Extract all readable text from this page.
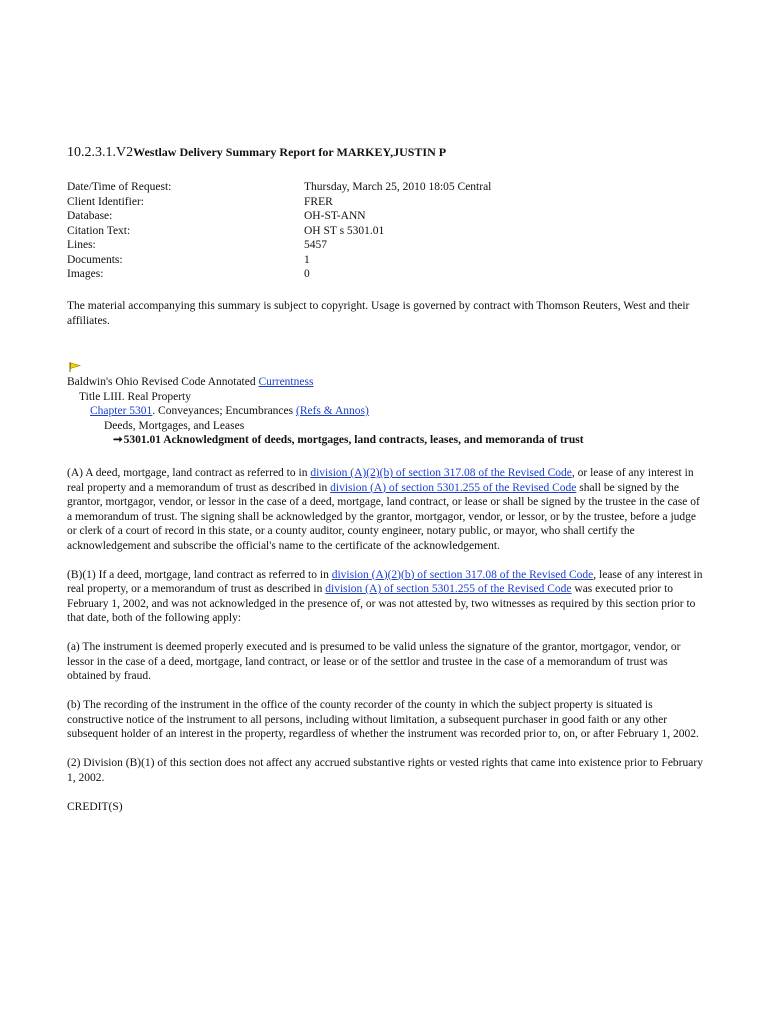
10.2.3.1.V2Westlaw Delivery Summary Report for MARKEY,JUSTIN P
Date/Time of Request:	Thursday, March 25, 2010 18:05 Central
Client Identifier:	FRER
Database:	OH-ST-ANN
Citation Text:	OH ST s 5301.01
Lines:	5457
Documents:	1
Images:	0
The material accompanying this summary is subject to copyright. Usage is governed by contract with Thomson Reuters, West and their affiliates.
Baldwin's Ohio Revised Code Annotated Currentness
Title LIII. Real Property
Chapter 5301. Conveyances; Encumbrances (Refs & Annos)
Deeds, Mortgages, and Leases
➞5301.01 Acknowledgment of deeds, mortgages, land contracts, leases, and memoranda of trust

(A) A deed, mortgage, land contract as referred to in division (A)(2)(b) of section 317.08 of the Revised Code, or lease of any interest in real property and a memorandum of trust as described in division (A) of section 5301.255 of the Revised Code shall be signed by the grantor, mortgagor, vendor, or lessor in the case of a deed, mortgage, land contract, or lease or shall be signed by the trustee in the case of a memorandum of trust. The signing shall be acknowledged by the grantor, mortgagor, vendor, or lessor, or by the trustee, before a judge or clerk of a court of record in this state, or a county auditor, county engineer, notary public, or mayor, who shall certify the acknowledgement and subscribe the official's name to the certificate of the acknowledgement.

(B)(1) If a deed, mortgage, land contract as referred to in division (A)(2)(b) of section 317.08 of the Revised Code, lease of any interest in real property, or a memorandum of trust as described in division (A) of section 5301.255 of the Revised Code was executed prior to February 1, 2002, and was not acknowledged in the presence of, or was not attested by, two witnesses as required by this section prior to that date, both of the following apply:

(a) The instrument is deemed properly executed and is presumed to be valid unless the signature of the grantor, mortgagor, vendor, or lessor in the case of a deed, mortgage, land contract, or lease or of the settlor and trustee in the case of a memorandum of trust was obtained by fraud.

(b) The recording of the instrument in the office of the county recorder of the county in which the subject property is situated is constructive notice of the instrument to all persons, including without limitation, a subsequent purchaser in good faith or any other subsequent holder of an interest in the property, regardless of whether the instrument was recorded prior to, on, or after February 1, 2002.

(2) Division (B)(1) of this section does not affect any accrued substantive rights or vested rights that came into existence prior to February 1, 2002.

CREDIT(S)
